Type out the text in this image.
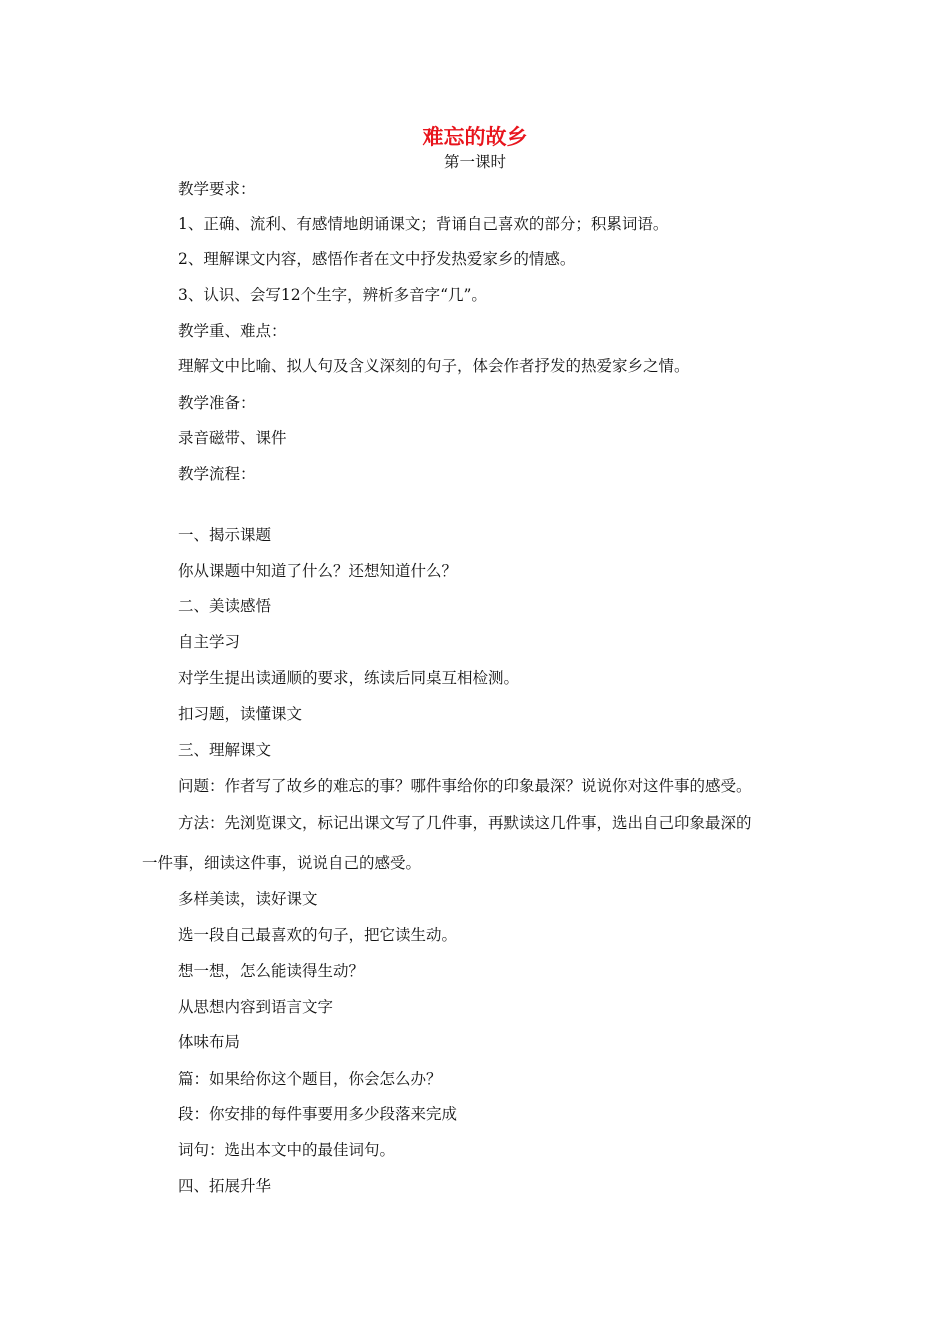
难忘的故乡
第一课时
教学要求：
1、正确、流利、有感情地朗诵课文；背诵自己喜欢的部分；积累词语。
2、理解课文内容，感悟作者在文中抒发热爱家乡的情感。
3、认识、会写12个生字，辨析多音字“几”。
教学重、难点：
理解文中比喻、拟人句及含义深刻的句子，体会作者抒发的热爱家乡之情。
教学准备：
录音磁带、课件
教学流程：
一、揭示课题
你从课题中知道了什么？还想知道什么？
二、美读感悟
自主学习
对学生提出读通顺的要求，练读后同桌互相检测。
扣习题，读懂课文
三、理解课文
问题：作者写了故乡的难忘的事？哪件事给你的印象最深？说说你对这件事的感受。
方法：先浏览课文，标记出课文写了几件事，再默读这几件事，选出自己印象最深的
一件事，细读这件事，说说自己的感受。
多样美读，读好课文
选一段自己最喜欢的句子，把它读生动。
想一想，怎么能读得生动？
从思想内容到语言文字
体味布局
篇：如果给你这个题目，你会怎么办？
段：你安排的每件事要用多少段落来完成
词句：选出本文中的最佳词句。
四、拓展升华
